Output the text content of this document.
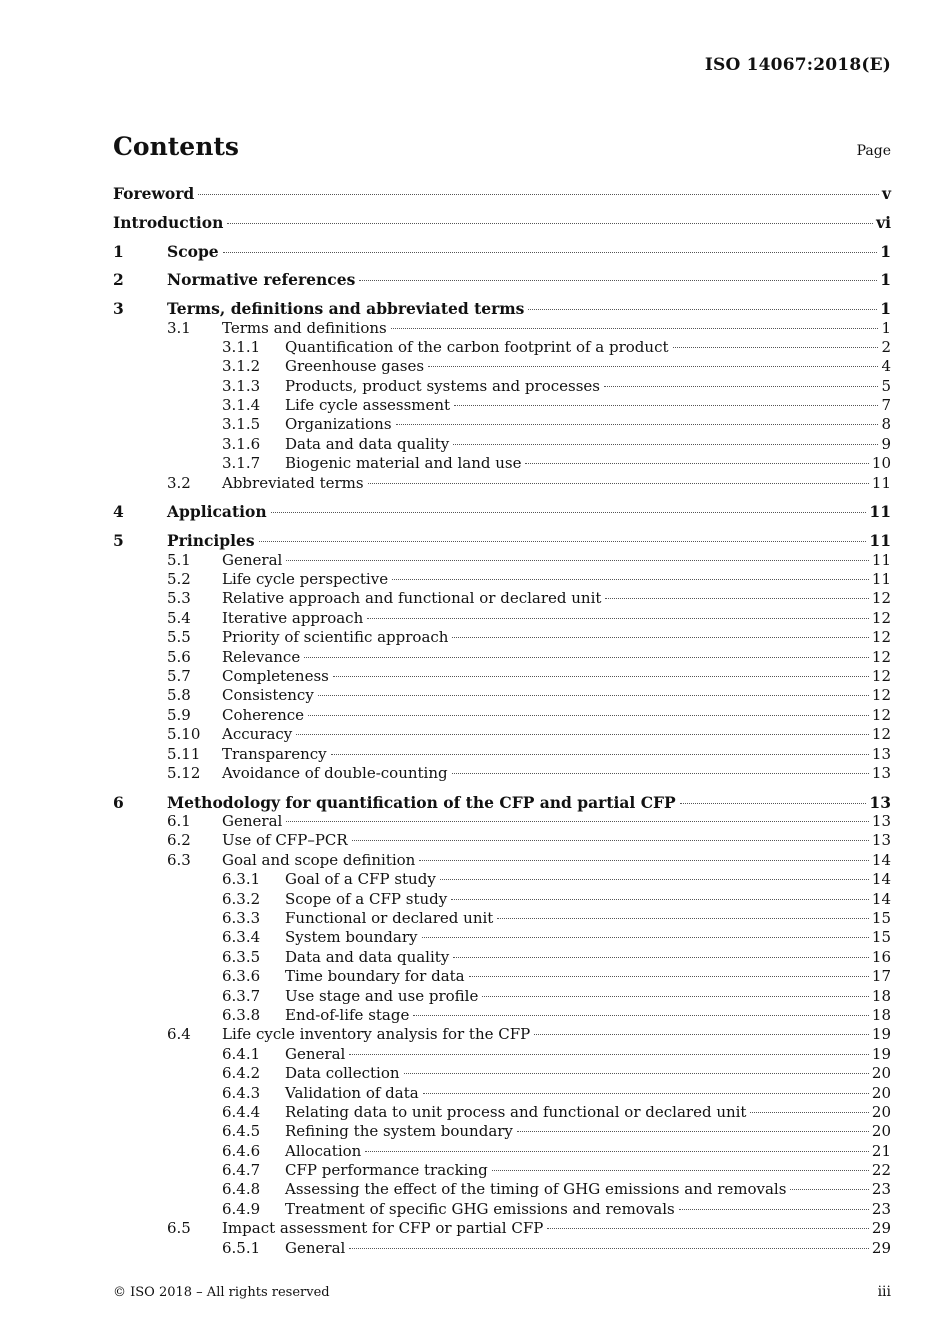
ISO 14067:2018(E)
Contents	Page
Foreword	v
Introduction	vi
1	Scope	1
2	Normative references	1
3	Terms, definitions and abbreviated terms	1
3.1 Terms and definitions	1
3.1.1 Quantification of the carbon footprint of a product	2
3.1.2 Greenhouse gases	4
3.1.3 Products, product systems and processes	5
3.1.4 Life cycle assessment	7
3.1.5 Organizations	8
3.1.6 Data and data quality	9
3.1.7 Biogenic material and land use	10
3.2 Abbreviated terms	11
4	Application	11
5	Principles	11
5.1 General	11
5.2 Life cycle perspective	11
5.3 Relative approach and functional or declared unit	12
5.4 Iterative approach	12
5.5 Priority of scientific approach	12
5.6 Relevance	12
5.7 Completeness	12
5.8 Consistency	12
5.9 Coherence	12
5.10 Accuracy	12
5.11 Transparency	13
5.12 Avoidance of double-counting	13
6	Methodology for quantification of the CFP and partial CFP	13
6.1 General	13
6.2 Use of CFP–PCR	13
6.3 Goal and scope definition	14
6.3.1 Goal of a CFP study	14
6.3.2 Scope of a CFP study	14
6.3.3 Functional or declared unit	15
6.3.4 System boundary	15
6.3.5 Data and data quality	16
6.3.6 Time boundary for data	17
6.3.7 Use stage and use profile	18
6.3.8 End-of-life stage	18
6.4 Life cycle inventory analysis for the CFP	19
6.4.1 General	19
6.4.2 Data collection	20
6.4.3 Validation of data	20
6.4.4 Relating data to unit process and functional or declared unit	20
6.4.5 Refining the system boundary	20
6.4.6 Allocation	21
6.4.7 CFP performance tracking	22
6.4.8 Assessing the effect of the timing of GHG emissions and removals	23
6.4.9 Treatment of specific GHG emissions and removals	23
6.5 Impact assessment for CFP or partial CFP	29
6.5.1 General	29
© ISO 2018 – All rights reserved	iii
